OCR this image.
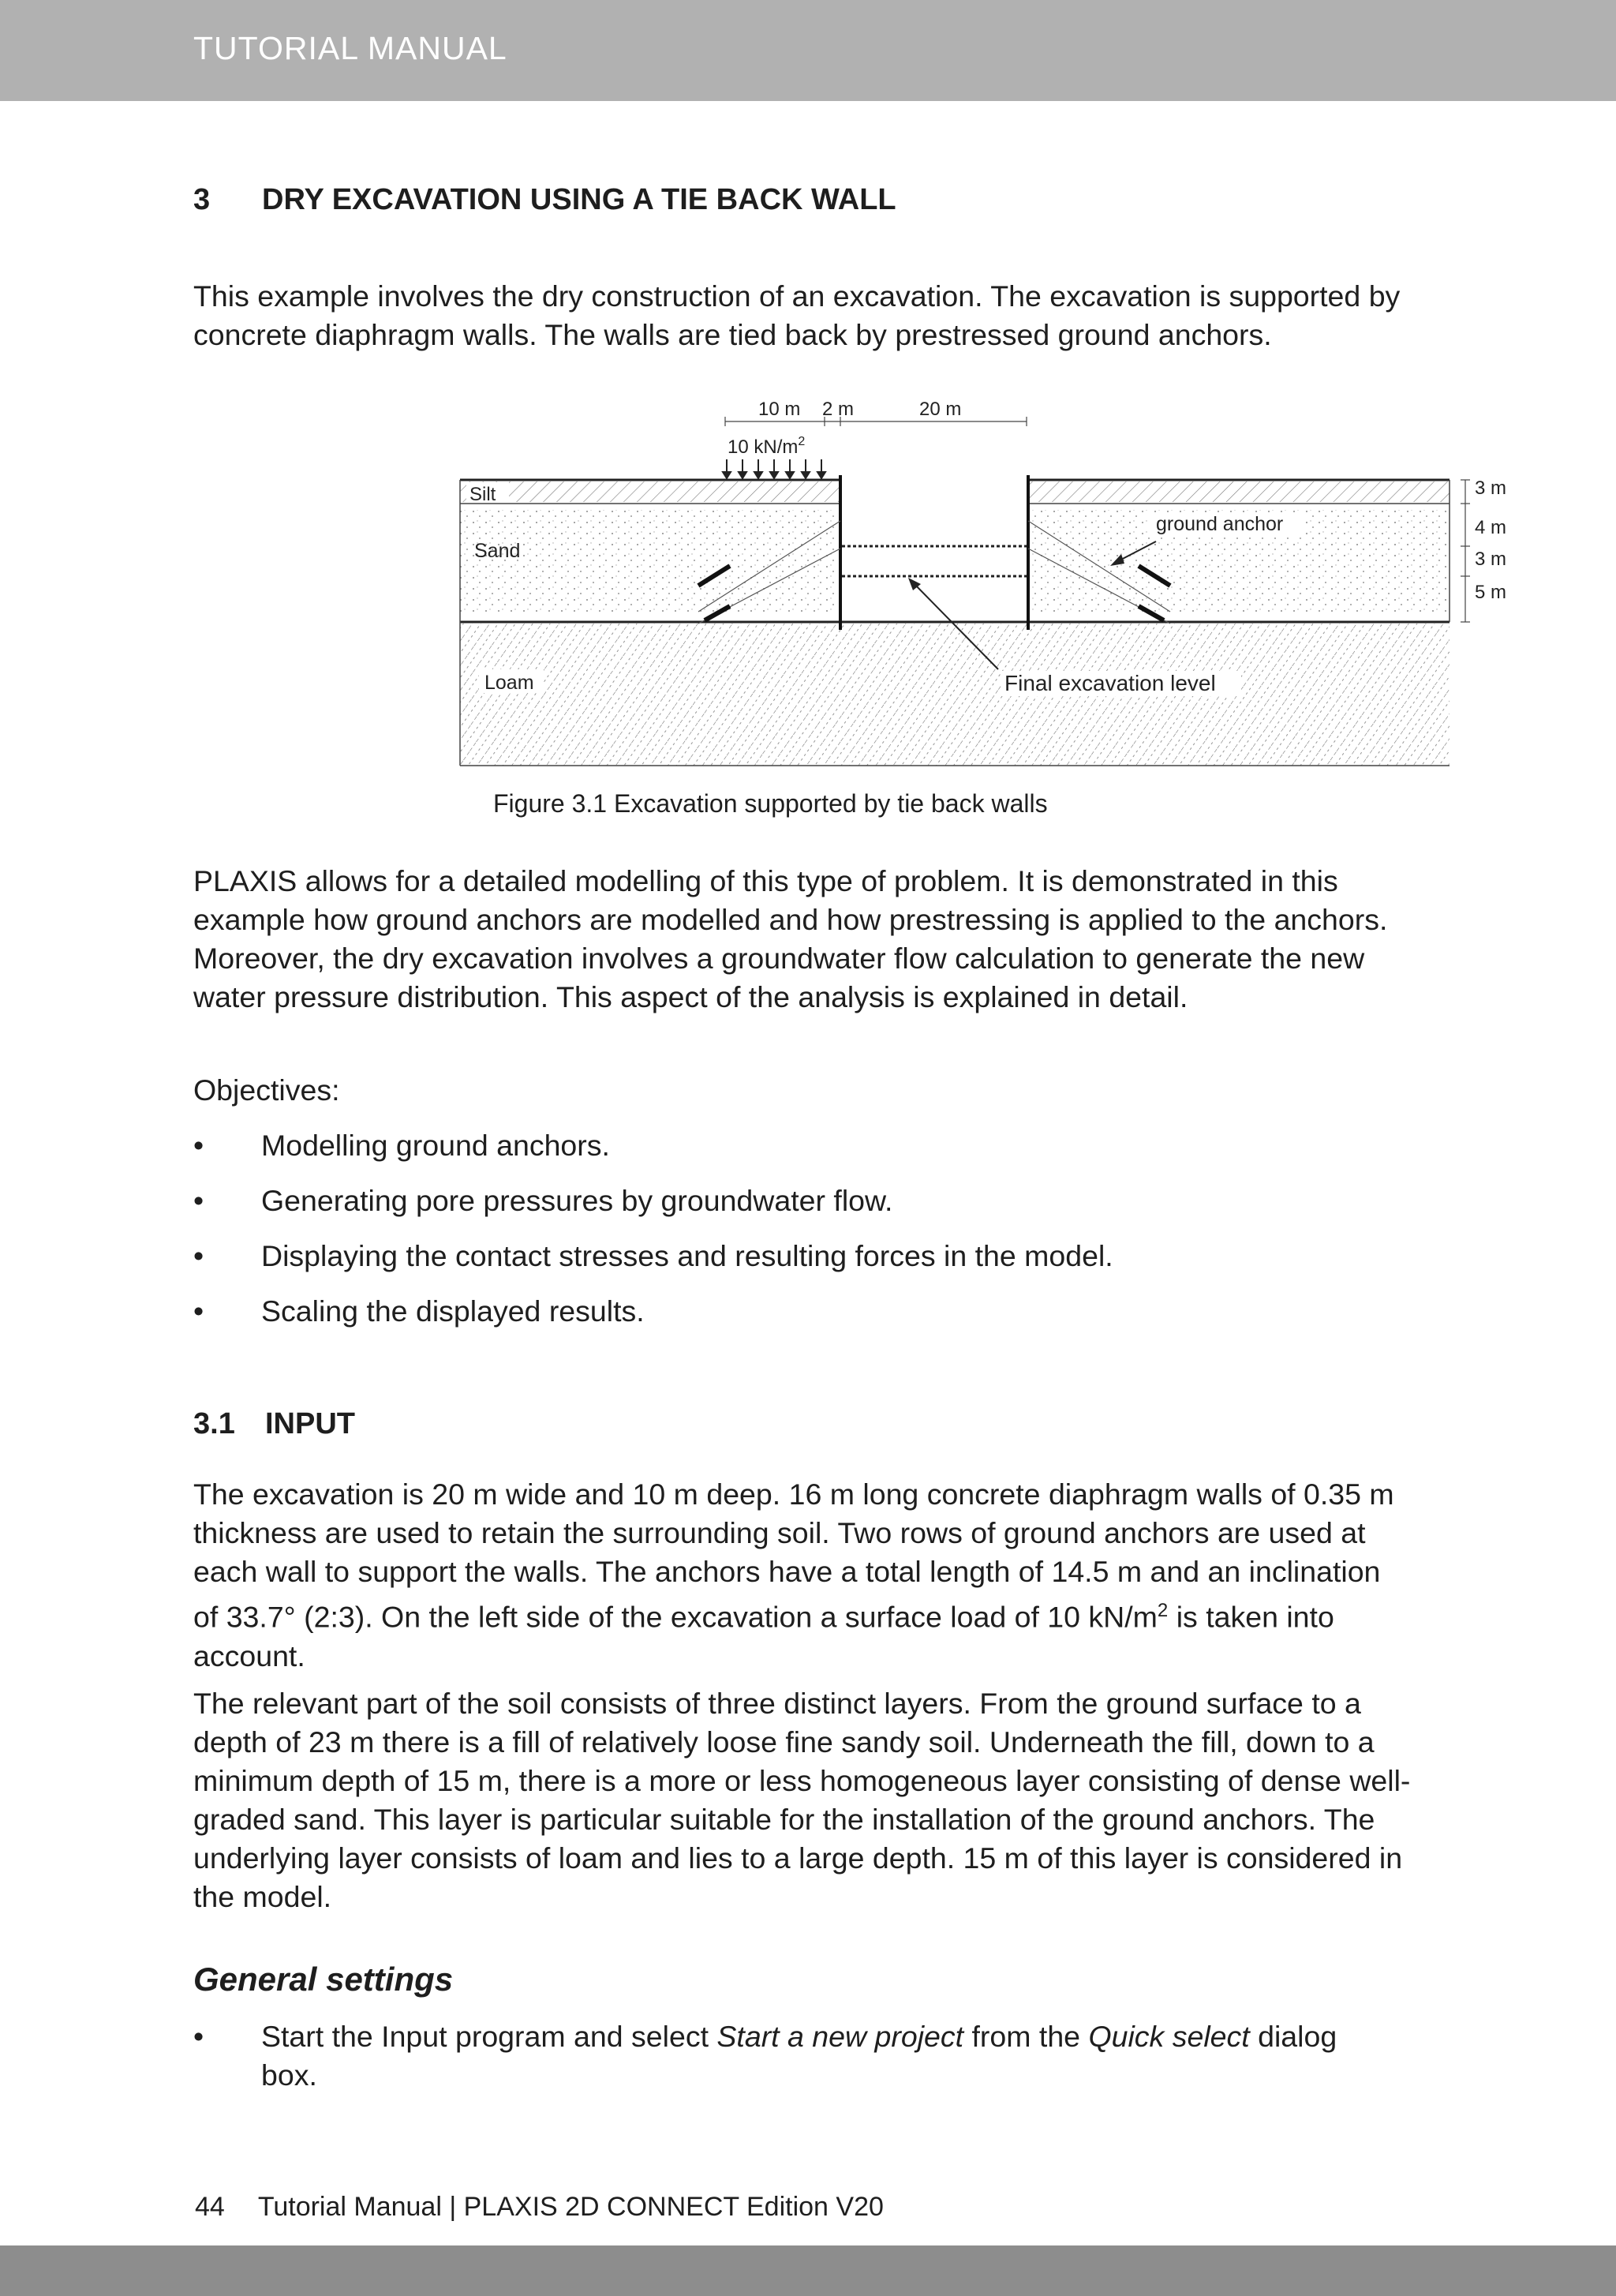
TUTORIAL MANUAL
3 DRY EXCAVATION USING A TIE BACK WALL

This example involves the dry construction of an excavation. The excavation is supported by concrete diaphragm walls. The walls are tied back by prestressed ground anchors.

10 m 2 m	20 m
10 $kN/m^2$
Silt
Sand
Loam
ground anchor
Final excavation level
3 m
4 m
3 m
5 m
Figure 3.1 Excavation supported by tie back walls

PLAXIS allows for a detailed modelling of this type of problem. It is demonstrated in this example how ground anchors are modelled and how prestressing is applied to the anchors. Moreover, the dry excavation involves a groundwater flow calculation to generate the new water pressure distribution. This aspect of the analysis is explained in detail.

Objectives:
• Modelling ground anchors.
• Generating pore pressures by groundwater flow.
• Displaying the contact stresses and resulting forces in the model.
• Scaling the displayed results.
3.1 INPUT

The excavation is 20 m wide and 10 m deep. 16 m long concrete diaphragm walls of 0.35 m thickness are used to retain the surrounding soil. Two rows of ground anchors are used at each wall to support the walls. The anchors have a total length of 14.5 m and an inclination of 33.7° (2:3). On the left side of the excavation a surface load of 10 $kN/m^2$ is taken into account.

The relevant part of the soil consists of three distinct layers. From the ground surface to a depth of 23 m there is a fill of relatively loose fine sandy soil. Underneath the fill, down to a minimum depth of 15 m, there is a more or less homogeneous layer consisting of dense well-graded sand. This layer is particular suitable for the installation of the ground anchors. The underlying layer consists of loam and lies to a large depth. 15 m of this layer is considered in the model.

General settings
• Start the Input program and select Start a new project from the Quick select dialog box.
44 Tutorial Manual | PLAXIS 2D CONNECT Edition V20
